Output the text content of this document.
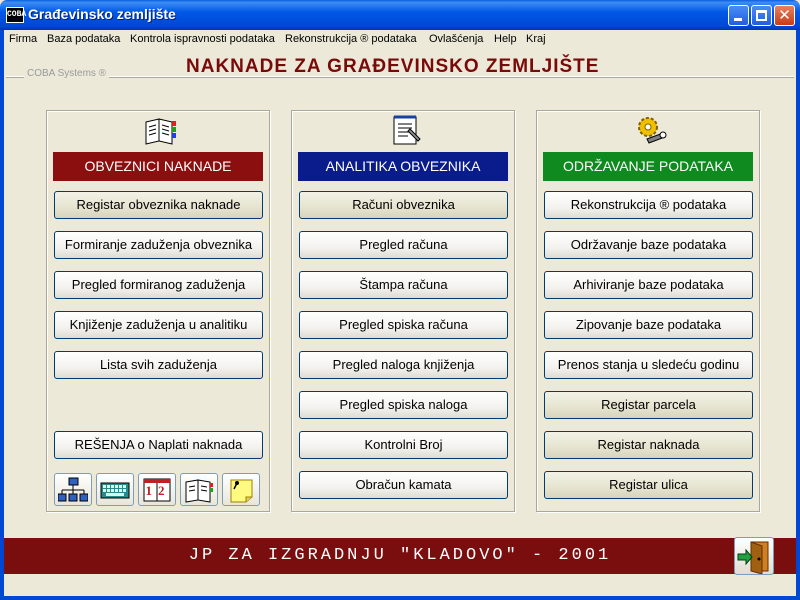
COBA Građevinsko zemljište	✕
Firma Baza podataka Kontrola ispravnosti podataka Rekonstrukcija ® podataka Ovlašćenja Help Kraj
COBA Systems ®	NAKNADE ZA GRAĐEVINSKO ZEMLJIŠTE
OBVEZNICI NAKNADE
Registar obveznika naknade
Formiranje zaduženja obveznika
Pregled formiranog zaduženja
Knjiženje zaduženja u analitiku
Lista svih zaduženja
REŠENJA o Naplati naknada
12
ANALITIKA OBVEZNIKA
Računi obveznika
Pregled računa
Štampa računa
Pregled spiska računa
Pregled naloga knjiženja
Pregled spiska naloga
Kontrolni Broj
Obračun kamata
ODRŽAVANJE PODATAKA
Rekonstrukcija ® podataka
Održavanje baze podataka
Arhiviranje baze podataka
Zipovanje baze podataka
Prenos stanja u sledeću godinu
Registar parcela
Registar naknada
Registar ulica
JP ZA IZGRADNJU "KLADOVO" - 2001
